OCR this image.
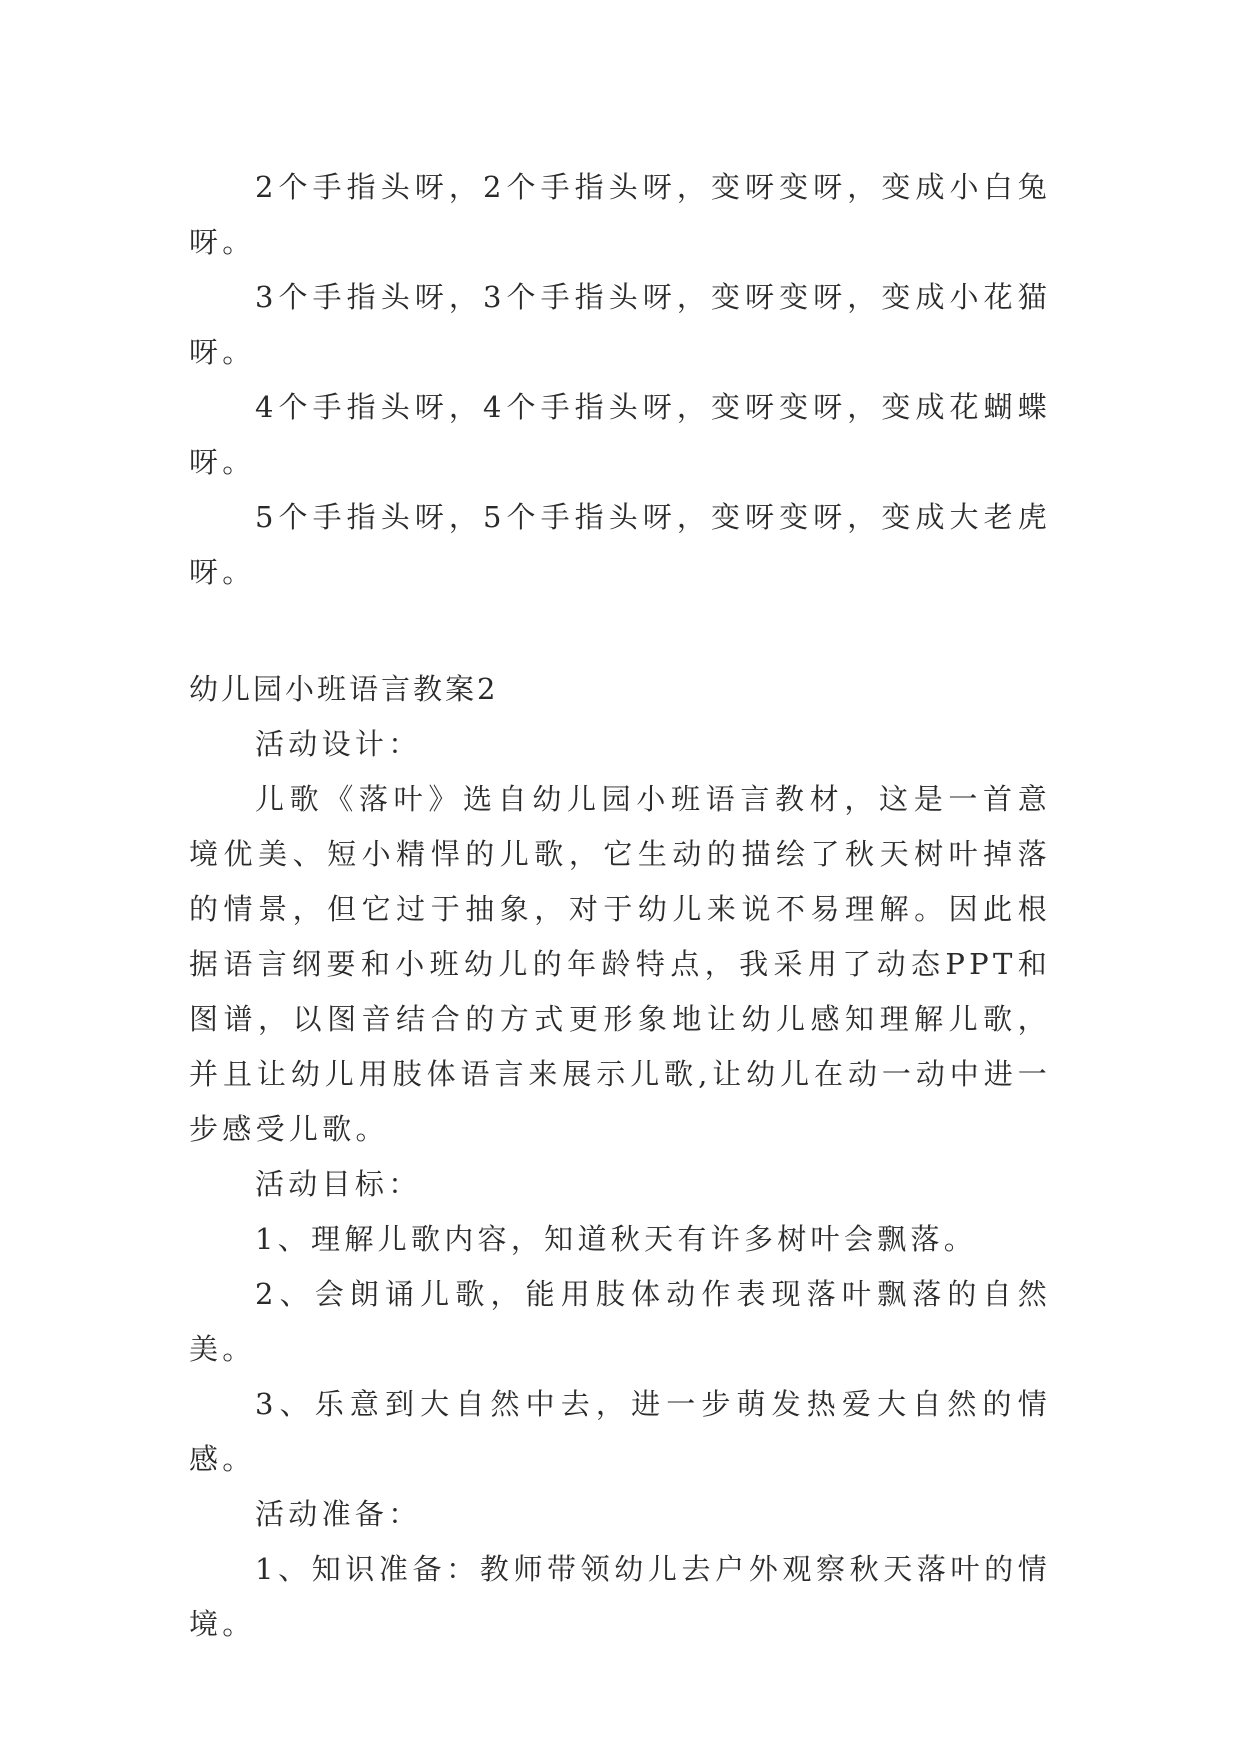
2个手指头呀，2个手指头呀，变呀变呀，变成小白兔呀。

3个手指头呀，3个手指头呀，变呀变呀，变成小花猫呀。

4个手指头呀，4个手指头呀，变呀变呀，变成花蝴蝶呀。

5个手指头呀，5个手指头呀，变呀变呀，变成大老虎呀。

幼儿园小班语言教案2

活动设计：

儿歌《落叶》选自幼儿园小班语言教材，这是一首意境优美、短小精悍的儿歌，它生动的描绘了秋天树叶掉落的情景，但它过于抽象，对于幼儿来说不易理解。因此根据语言纲要和小班幼儿的年龄特点，我采用了动态PPT和图谱，以图音结合的方式更形象地让幼儿感知理解儿歌，并且让幼儿用肢体语言来展示儿歌,让幼儿在动一动中进一步感受儿歌。

活动目标：

1、理解儿歌内容，知道秋天有许多树叶会飘落。

2、会朗诵儿歌，能用肢体动作表现落叶飘落的自然美。

3、乐意到大自然中去，进一步萌发热爱大自然的情感。

活动准备：

1、知识准备：教师带领幼儿去户外观察秋天落叶的情境。
